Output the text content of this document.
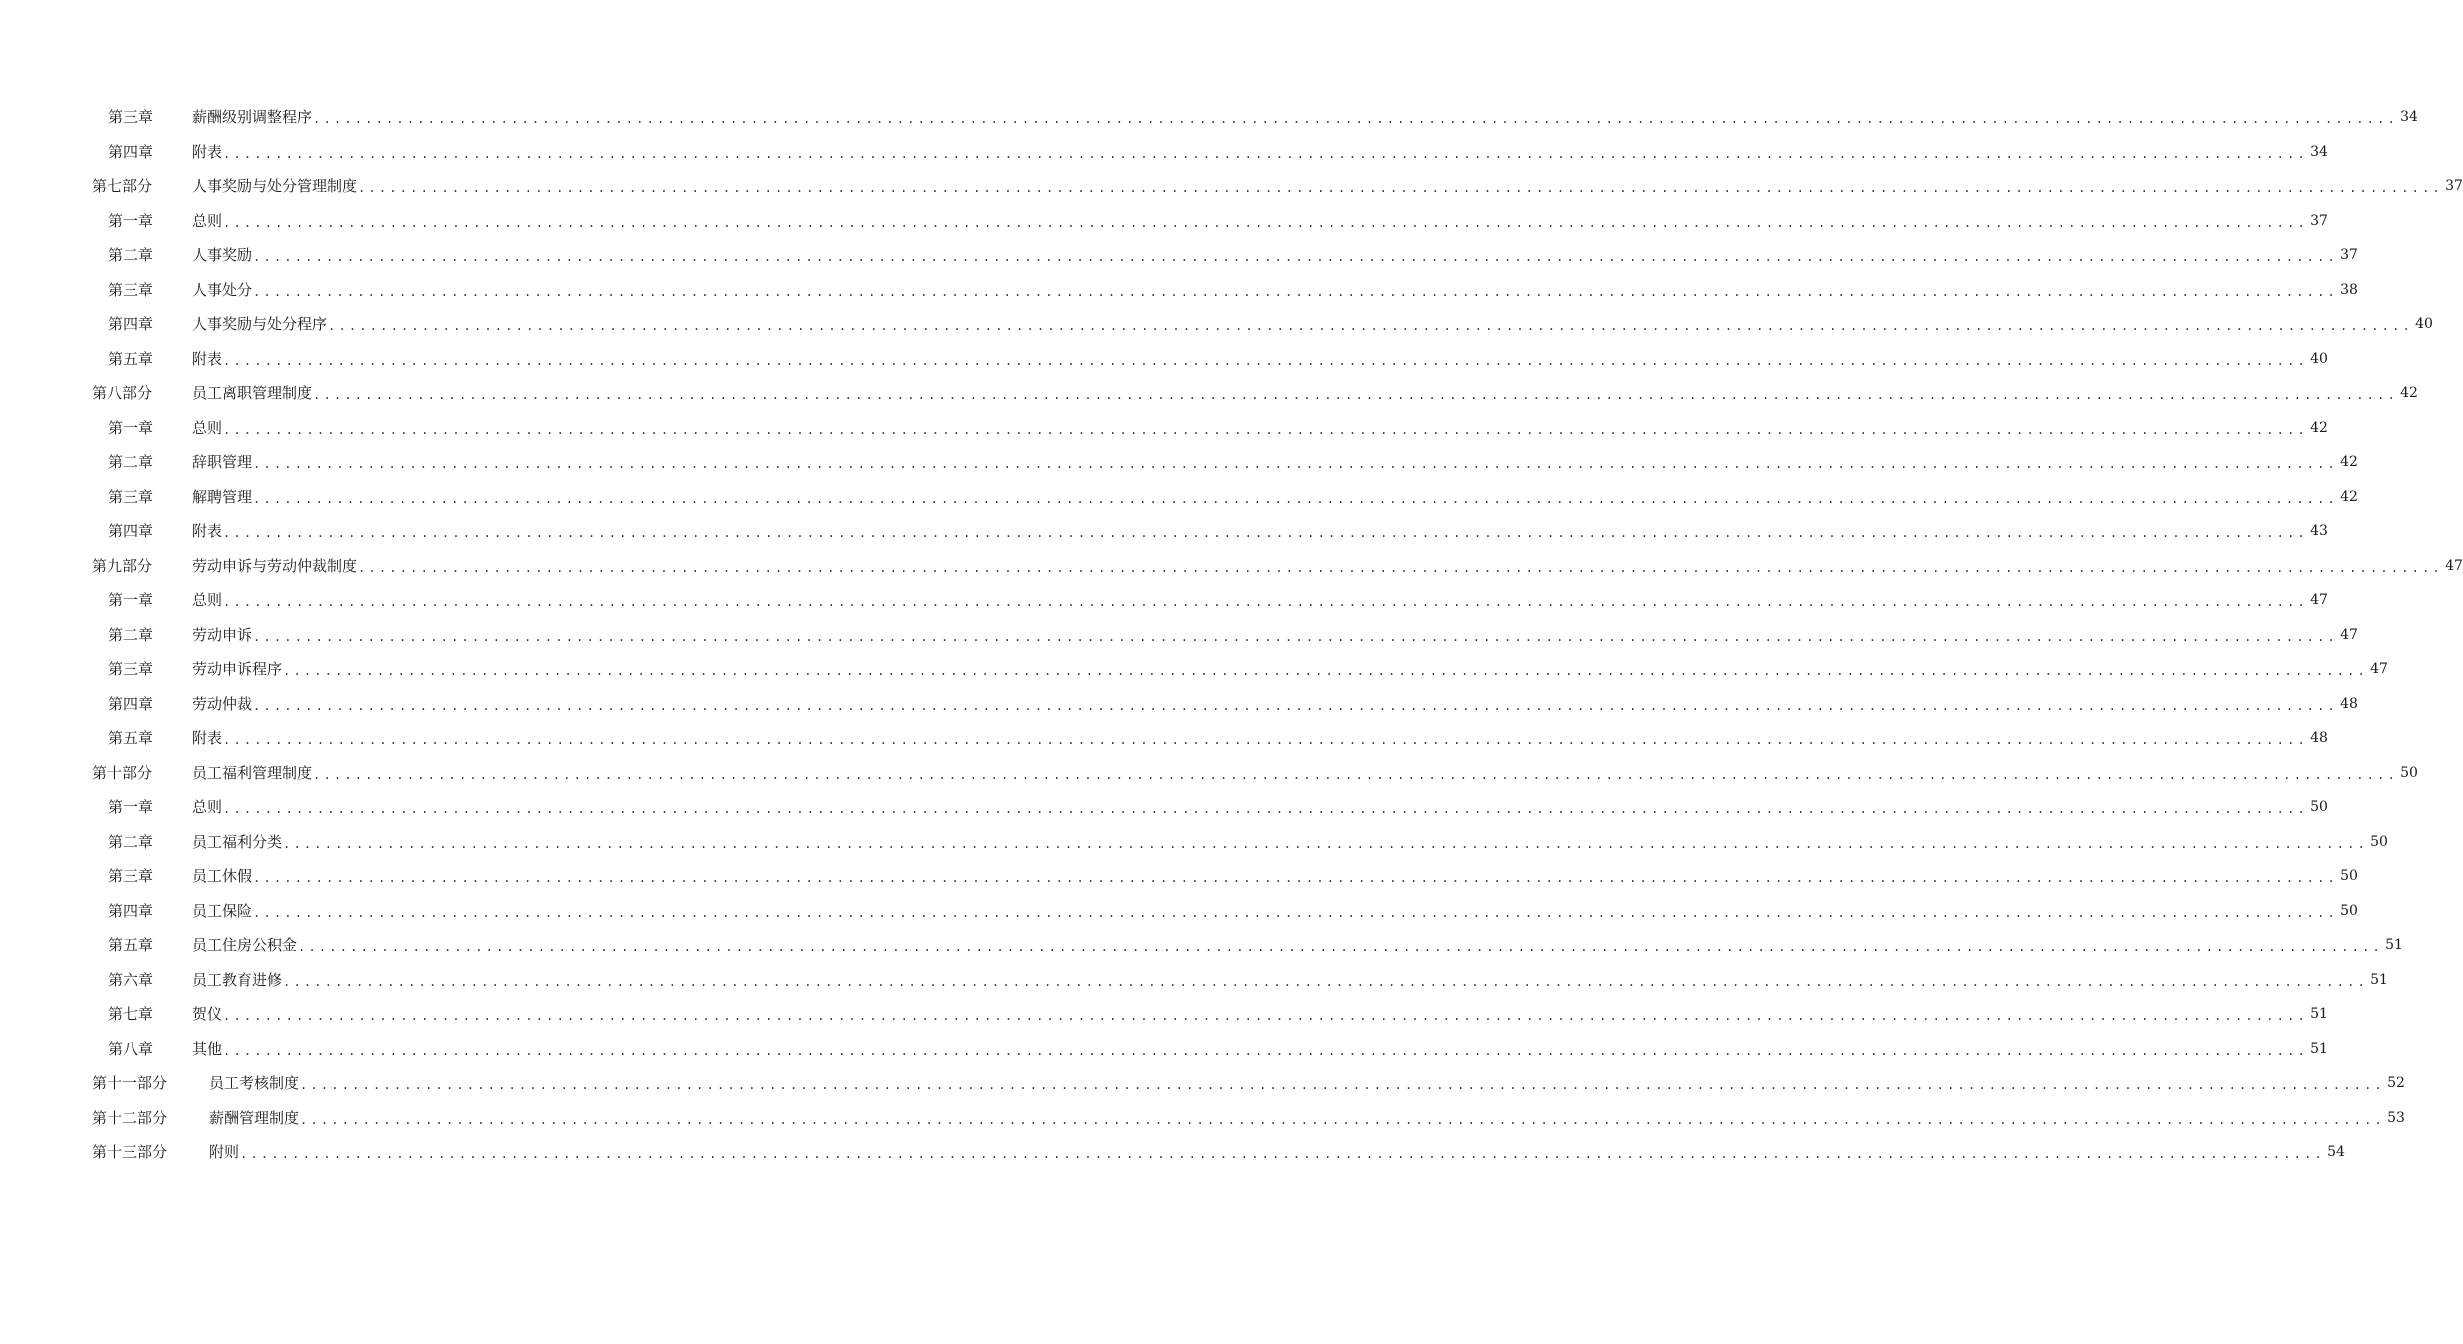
第三章	薪酬级别调整程序 ........................................................................................................................................................................................................ 34
第四章	附表 ........................................................................................................................................................................................................ 34
第七部分	人事奖励与处分管理制度 ........................................................................................................................................................................................................ 37
第一章	总则 ........................................................................................................................................................................................................ 37
第二章	人事奖励 ........................................................................................................................................................................................................ 37
第三章	人事处分 ........................................................................................................................................................................................................ 38
第四章	人事奖励与处分程序 ........................................................................................................................................................................................................ 40
第五章	附表 ........................................................................................................................................................................................................ 40
第八部分	员工离职管理制度 ........................................................................................................................................................................................................ 42
第一章	总则 ........................................................................................................................................................................................................ 42
第二章	辞职管理 ........................................................................................................................................................................................................ 42
第三章	解聘管理 ........................................................................................................................................................................................................ 42
第四章	附表 ........................................................................................................................................................................................................ 43
第九部分	劳动申诉与劳动仲裁制度 ........................................................................................................................................................................................................ 47
第一章	总则 ........................................................................................................................................................................................................ 47
第二章	劳动申诉 ........................................................................................................................................................................................................ 47
第三章	劳动申诉程序 ........................................................................................................................................................................................................ 47
第四章	劳动仲裁 ........................................................................................................................................................................................................ 48
第五章	附表 ........................................................................................................................................................................................................ 48
第十部分	员工福利管理制度 ........................................................................................................................................................................................................ 50
第一章	总则 ........................................................................................................................................................................................................ 50
第二章	员工福利分类 ........................................................................................................................................................................................................ 50
第三章	员工休假 ........................................................................................................................................................................................................ 50
第四章	员工保险 ........................................................................................................................................................................................................ 50
第五章	员工住房公积金 ........................................................................................................................................................................................................ 51
第六章	员工教育进修 ........................................................................................................................................................................................................ 51
第七章	贺仪 ........................................................................................................................................................................................................ 51
第八章	其他 ........................................................................................................................................................................................................ 51
第十一部分	员工考核制度 ........................................................................................................................................................................................................ 52
第十二部分	薪酬管理制度 ........................................................................................................................................................................................................ 53
第十三部分	附则 ........................................................................................................................................................................................................ 54
